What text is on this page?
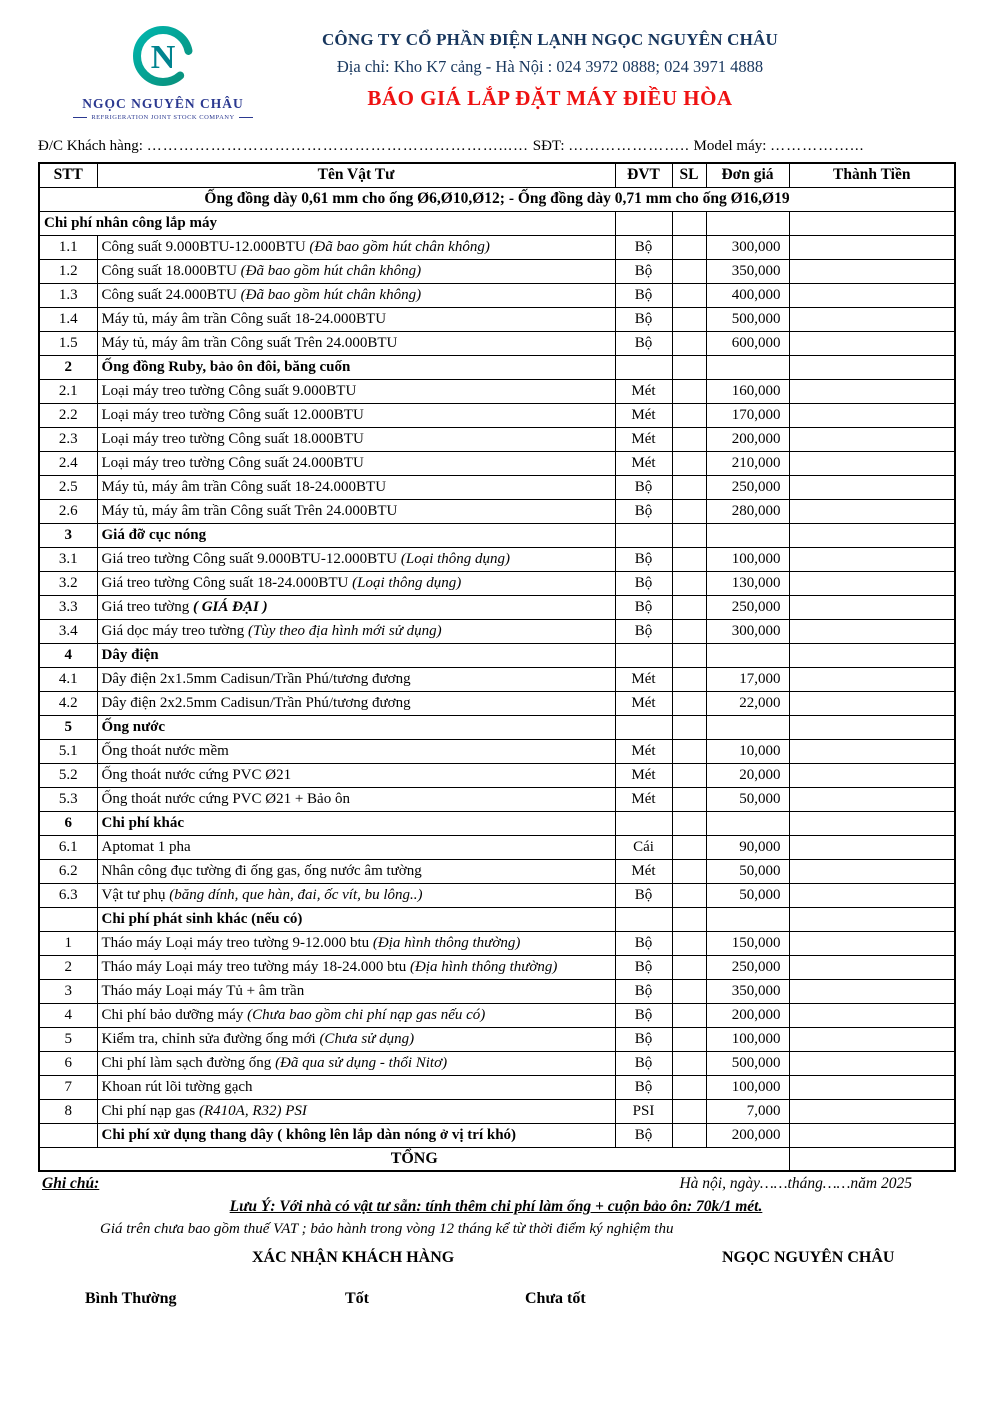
N
NGỌC NGUYÊN CHÂU
REFRIGERATION JOINT STOCK COMPANY
CÔNG TY CỔ PHẦN ĐIỆN LẠNH NGỌC NGUYÊN CHÂU
Địa chỉ: Kho K7 cảng - Hà Nội : 024 3972 0888; 024 3971 4888
BÁO GIÁ LẮP ĐẶT MÁY ĐIỀU HÒA
Đ/C Khách hàng: …………………………………………………………...… SĐT: ………………….. Model máy: ……………...
STT	Tên Vật Tư	ĐVT	SL	Đơn giá	Thành Tiền
Ống đồng dày 0,61 mm cho ống Ø6,Ø10,Ø12; - Ống đồng dày 0,71 mm cho ống Ø16,Ø19					
Chi phí nhân công lắp máy					
1.1	Công suất 9.000BTU-12.000BTU (Đã bao gồm hút chân không)	Bộ		300,000	
1.2	Công suất 18.000BTU (Đã bao gồm hút chân không)	Bộ		350,000	
1.3	Công suất 24.000BTU (Đã bao gồm hút chân không)	Bộ		400,000	
1.4	Máy tủ, máy âm trần Công suất 18-24.000BTU	Bộ		500,000	
1.5	Máy tủ, máy âm trần Công suất Trên 24.000BTU	Bộ		600,000	
2	Ống đồng Ruby, bảo ôn đôi, băng cuốn				
2.1	Loại máy treo tường Công suất 9.000BTU	Mét		160,000	
2.2	Loại máy treo tường Công suất 12.000BTU	Mét		170,000	
2.3	Loại máy treo tường Công suất 18.000BTU	Mét		200,000	
2.4	Loại máy treo tường Công suất 24.000BTU	Mét		210,000	
2.5	Máy tủ, máy âm trần Công suất 18-24.000BTU	Bộ		250,000	
2.6	Máy tủ, máy âm trần Công suất Trên 24.000BTU	Bộ		280,000	
3	Giá đỡ cục nóng				
3.1	Giá treo tường Công suất 9.000BTU-12.000BTU (Loại thông dụng)	Bộ		100,000	
3.2	Giá treo tường Công suất 18-24.000BTU (Loại thông dụng)	Bộ		130,000	
3.3	Giá treo tường ( GIÁ ĐẠI )	Bộ		250,000	
3.4	Giá dọc máy treo tường (Tùy theo địa hình mới sử dụng)	Bộ		300,000	
4	Dây điện				
4.1	Dây điện 2x1.5mm Cadisun/Trần Phú/tương đương	Mét		17,000	
4.2	Dây điện 2x2.5mm Cadisun/Trần Phú/tương đương	Mét		22,000	
5	Ống nước				
5.1	Ống thoát nước mềm	Mét		10,000	
5.2	Ống thoát nước cứng PVC Ø21	Mét		20,000	
5.3	Ống thoát nước cứng PVC Ø21 + Bảo ôn	Mét		50,000	
6	Chi phí khác				
6.1	Aptomat 1 pha	Cái		90,000	
6.2	Nhân công đục tường đi ống gas, ống nước âm tường	Mét		50,000	
6.3	Vật tư phụ (băng dính, que hàn, đai, ốc vít, bu lông..)	Bộ		50,000	
	Chi phí phát sinh khác (nếu có)				
1	Tháo máy Loại máy treo tường 9-12.000 btu (Địa hình thông thường)	Bộ		150,000	
2	Tháo máy Loại máy treo tường máy 18-24.000 btu (Địa hình thông thường)	Bộ		250,000	
3	Tháo máy Loại máy Tủ + âm trần	Bộ		350,000	
4	Chi phí bảo dưỡng máy (Chưa bao gồm chi phí nạp gas nếu có)	Bộ		200,000	
5	Kiểm tra, chỉnh sửa đường ống mới (Chưa sử dụng)	Bộ		100,000	
6	Chi phí làm sạch đường ống (Đã qua sử dụng - thổi Nitơ)	Bộ		500,000	
7	Khoan rút lõi tường gạch	Bộ		100,000	
8	Chi phí nạp gas (R410A, R32) PSI	PSI		7,000	
	Chi phí xử dụng thang dây ( không lên lắp dàn nóng ở vị trí khó)	Bộ		200,000	
TỔNG					
Ghi chú:	Hà nội, ngày……tháng……năm 2025
Lưu Ý: Với nhà có vật tư sẵn: tính thêm chi phí làm ống + cuộn bảo ôn: 70k/1 mét.
Giá trên chưa bao gồm thuế VAT ; bảo hành trong vòng 12 tháng kể từ thời điểm ký nghiệm thu
XÁC NHẬN KHÁCH HÀNG	NGỌC NGUYÊN CHÂU
Bình Thường	Tốt	Chưa tốt
